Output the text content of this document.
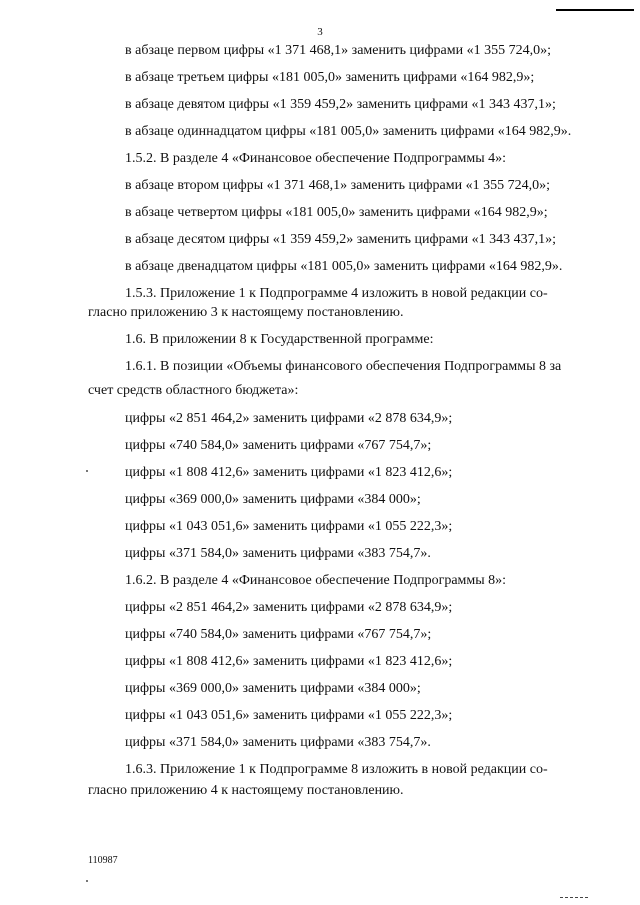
3
в абзаце первом цифры «1 371 468,1» заменить цифрами «1 355 724,0»;
в абзаце третьем цифры «181 005,0» заменить цифрами «164 982,9»;
в абзаце девятом цифры «1 359 459,2» заменить цифрами «1 343 437,1»;
в абзаце одиннадцатом цифры «181 005,0» заменить цифрами «164 982,9».
1.5.2. В разделе 4 «Финансовое обеспечение Подпрограммы 4»:
в абзаце втором цифры «1 371 468,1» заменить цифрами «1 355 724,0»;
в абзаце четвертом цифры «181 005,0» заменить цифрами «164 982,9»;
в абзаце десятом цифры «1 359 459,2» заменить цифрами «1 343 437,1»;
в абзаце двенадцатом цифры «181 005,0» заменить цифрами «164 982,9».
1.5.3. Приложение 1 к Подпрограмме 4 изложить в новой редакции со-
гласно приложению 3 к настоящему постановлению.
1.6. В приложении 8 к Государственной программе:
1.6.1. В позиции «Объемы финансового обеспечения Подпрограммы 8 за
счет средств областного бюджета»:
цифры «2 851 464,2» заменить цифрами «2 878 634,9»;
цифры «740 584,0» заменить цифрами «767 754,7»;
цифры «1 808 412,6» заменить цифрами «1 823 412,6»;
цифры «369 000,0» заменить цифрами «384 000»;
цифры «1 043 051,6» заменить цифрами «1 055 222,3»;
цифры «371 584,0» заменить цифрами «383 754,7».
1.6.2. В разделе 4 «Финансовое обеспечение Подпрограммы 8»:
цифры «2 851 464,2» заменить цифрами «2 878 634,9»;
цифры «740 584,0» заменить цифрами «767 754,7»;
цифры «1 808 412,6» заменить цифрами «1 823 412,6»;
цифры «369 000,0» заменить цифрами «384 000»;
цифры «1 043 051,6» заменить цифрами «1 055 222,3»;
цифры «371 584,0» заменить цифрами «383 754,7».
1.6.3. Приложение 1 к Подпрограмме 8 изложить в новой редакции со-
гласно приложению 4 к настоящему постановлению.
110987
